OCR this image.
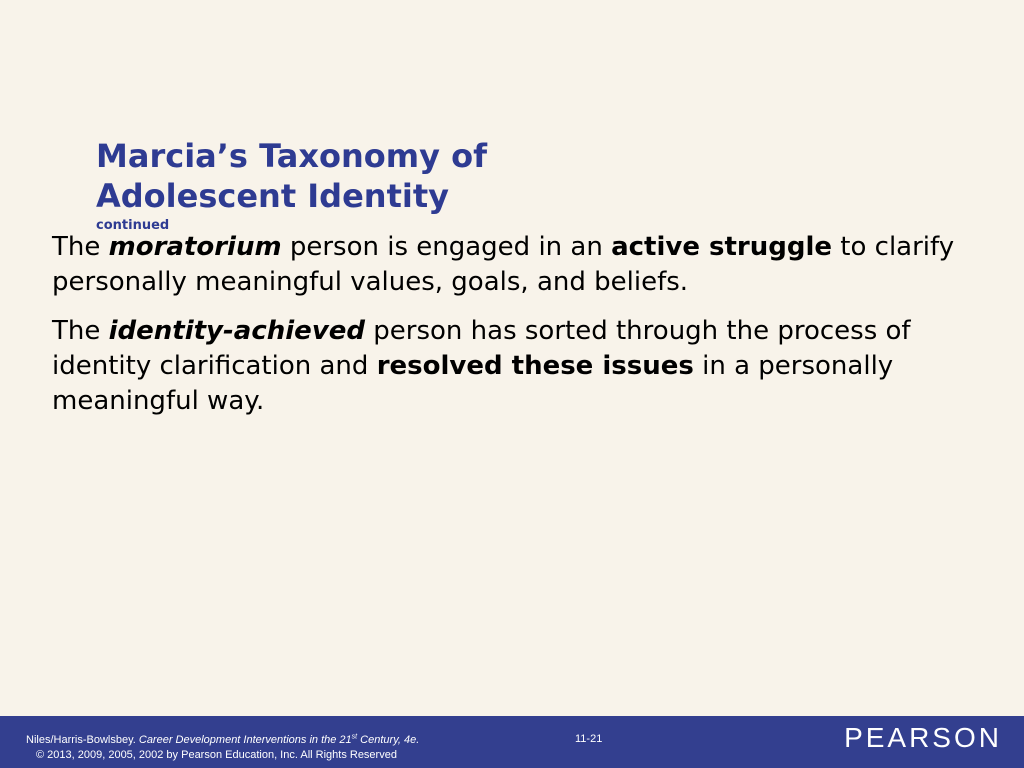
Marcia’s Taxonomy of
Adolescent Identity
continued

The moratorium person is engaged in an active struggle to clarify personally meaningful values, goals, and beliefs.

The identity-achieved person has sorted through the process of identity clarification and resolved these issues in a personally meaningful way.

Niles/Harris-Bowlsbey. Career Development Interventions in the 21st Century, 4e.
© 2013, 2009, 2005, 2002 by Pearson Education, Inc. All Rights Reserved
11-21	PEARSON
